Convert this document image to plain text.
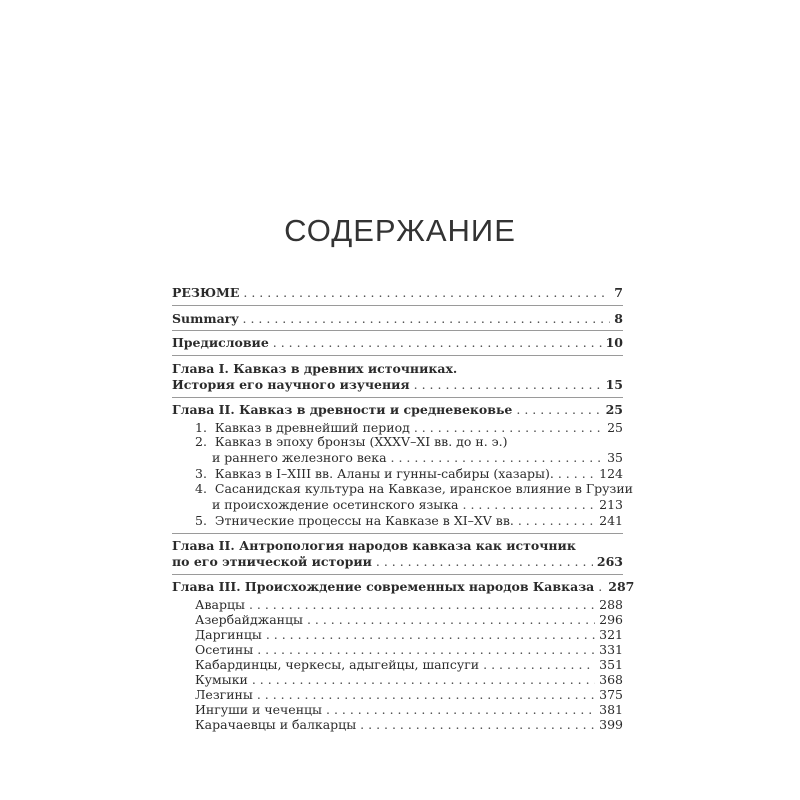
СОДЕРЖАНИЕ
РЕЗЮМЕ . . .	7
Summary . . .	8
Предисловие . . .	10
Глава I. Кавказ в древних источниках.
История его научного изучения . . .	15
Глава II. Кавказ в древности и средневековье . . .	25
1. Кавказ в древнейший период . . .	25
2. Кавказ в эпоху бронзы (XXXV–XI вв. до н. э.)
и раннего железного века . . .	35
3. Кавказ в I–XIII вв. Аланы и гунны-сабиры (хазары). . . .	124
4. Сасанидская культура на Кавказе, иранское влияние в Грузии
и происхождение осетинского языка . . .	213
5. Этнические процессы на Кавказе в XI–XV вв. . . .	241
Глава II. Антропология народов кавказа как источник
по его этнической истории . . .	263
Глава III. Происхождение современных народов Кавказа . . . 287
Аварцы . . .	288
Азербайджанцы . . .	296
Даргинцы . . .	321
Осетины . . .	331
Кабардинцы, черкесы, адыгейцы, шапсуги . . .	351
Кумыки . . .	368
Лезгины . . .	375
Ингуши и чеченцы . . .	381
Карачаевцы и балкарцы . . .	399
